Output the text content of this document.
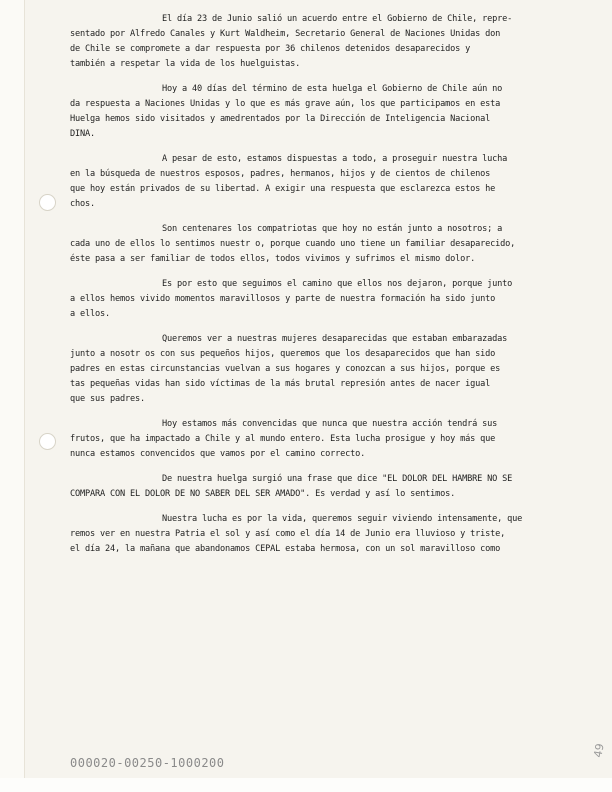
El día 23 de Junio salió un acuerdo entre el Gobierno de Chile, repre-
sentado por Alfredo Canales y Kurt Waldheim, Secretario General de Naciones Unidas don
de Chile se compromete a dar respuesta por 36 chilenos detenidos desaparecidos y
también a respetar la vida de los huelguistas.
Hoy a 40 días del término de esta huelga el Gobierno de Chile aún no
da respuesta a Naciones Unidas y lo que es más grave aún, los que participamos en esta
Huelga hemos sido visitados y amedrentados por la Dirección de Inteligencia Nacional
DINA.
A pesar de esto, estamos dispuestas a todo, a proseguir nuestra lucha
en la búsqueda de nuestros esposos, padres, hermanos, hijos y de cientos de chilenos
que hoy están privados de su libertad. A exigir una respuesta que esclarezca estos he
chos.
Son centenares los compatriotas que hoy no están junto a nosotros; a
cada uno de ellos lo sentimos nuestr o, porque cuando uno tiene un familiar desaparecido,
éste pasa a ser familiar de todos ellos, todos vivimos y sufrimos el mismo dolor.
Es por esto que seguimos el camino que ellos nos dejaron, porque junto
a ellos hemos vivido momentos maravillosos y parte de nuestra formación ha sido junto
a ellos.
Queremos ver a nuestras mujeres desaparecidas que estaban embarazadas
junto a nosotr os con sus pequeños hijos, queremos que los desaparecidos que han sido
padres en estas circunstancias vuelvan a sus hogares y conozcan a sus hijos, porque es
tas pequeñas vidas han sido víctimas de la más brutal represión antes de nacer igual
que sus padres.
Hoy estamos más convencidas que nunca que nuestra acción tendrá sus
frutos, que ha impactado a Chile y al mundo entero. Esta lucha prosigue y hoy más que
nunca estamos convencidos que vamos por el camino correcto.
De nuestra huelga surgió una frase que dice "EL DOLOR DEL HAMBRE NO SE
COMPARA CON EL DOLOR DE NO SABER DEL SER AMADO". Es verdad y así lo sentimos.
Nuestra lucha es por la vida, queremos seguir viviendo intensamente, que
remos ver en nuestra Patria el sol y así como el día 14 de Junio era lluvioso y triste,
el día 24, la mañana que abandonamos CEPAL estaba hermosa, con un sol maravilloso como
000020-00250-1000200
49
